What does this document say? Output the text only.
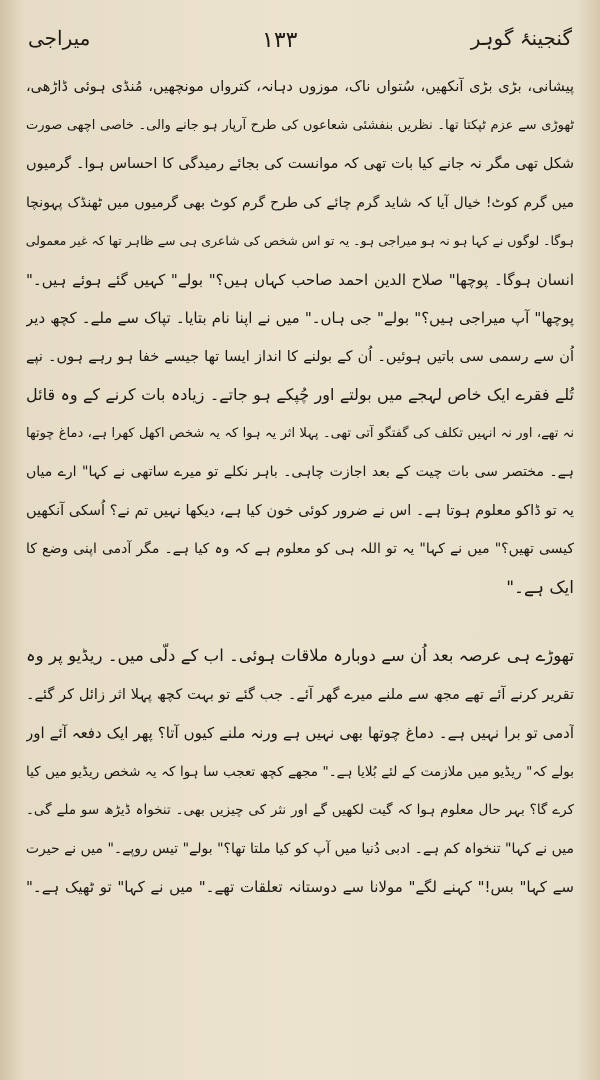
میراجی	۱۳۳	گنجینۂ گوہر
پیشانی، بڑی بڑی آنکھیں، سُتواں ناک، موزوں دہانہ، کترواں مونچھیں، مُنڈی ہوئی ڈاڑھی،
ٹھوڑی سے عزم ٹپکتا تھا۔ نظریں بنفشئی شعاعوں کی طرح آرپار ہو جانے والی۔ خاصی اچھی صورت
شکل تھی مگر نہ جانے کیا بات تھی کہ موانست کی بجائے رمیدگی کا احساس ہوا۔ گرمیوں
میں گرم کوٹ! خیال آیا کہ شاید گرم چائے کی طرح گرم کوٹ بھی گرمیوں میں ٹھنڈک پہونچا
ہوگا۔ لوگوں نے کہا ہو نہ ہو میراجی ہو۔ یہ تو اس شخص کی شاعری ہی سے ظاہر تھا کہ غیر معمولی
انسان ہوگا۔ پوچھا" صلاح الدین احمد صاحب کہاں ہیں؟" بولے" کہیں گئے ہوئے ہیں۔"
پوچھا" آپ میراجی ہیں؟" بولے" جی ہاں۔" میں نے اپنا نام بتایا۔ تپاک سے ملے۔ کچھ دیر
اُن سے رسمی سی باتیں ہوئیں۔ اُن کے بولنے کا انداز ایسا تھا جیسے خفا ہو رہے ہوں۔ نپے
تُلے فقرے ایک خاص لہجے میں بولتے اور چُپکے ہو جاتے۔ زیادہ بات کرنے کے وہ قائل
نہ تھے، اور نہ انہیں تکلف کی گفتگو آتی تھی۔ پہلا اثر یہ ہوا کہ یہ شخص اکھل کھرا ہے، دماغ چوتھا
ہے۔ مختصر سی بات چیت کے بعد اجازت چاہی۔ باہر نکلے تو میرے ساتھی نے کہا" ارے میاں
یہ تو ڈاکو معلوم ہوتا ہے۔ اس نے ضرور کوئی خون کیا ہے، دیکھا نہیں تم نے؟ اُسکی آنکھیں
کیسی تھیں؟" میں نے کہا" یہ تو اللہ ہی کو معلوم ہے کہ وہ کیا ہے۔ مگر آدمی اپنی وضع کا
ایک ہے۔"
تھوڑے ہی عرصہ بعد اُن سے دوبارہ ملاقات ہوئی۔ اب کے دلّی میں۔ ریڈیو پر وہ
تقریر کرنے آئے تھے مجھ سے ملنے میرے گھر آئے۔ جب گئے تو بہت کچھ پہلا اثر زائل کر گئے۔
آدمی تو برا نہیں ہے۔ دماغ چوتھا بھی نہیں ہے ورنہ ملنے کیوں آتا؟ پھر ایک دفعہ آئے اور
بولے کہ" ریڈیو میں ملازمت کے لئے بُلایا ہے۔" مجھے کچھ تعجب سا ہوا کہ یہ شخص ریڈیو میں کیا
کرے گا؟ بہر حال معلوم ہوا کہ گیت لکھیں گے اور نثر کی چیزیں بھی۔ تنخواہ ڈیڑھ سو ملے گی۔
میں نے کہا" تنخواہ کم ہے۔ ادبی دُنیا میں آپ کو کیا ملتا تھا؟" بولے" تیس روپے۔" میں نے حیرت
سے کہا" بس!" کہنے لگے" مولانا سے دوستانہ تعلقات تھے۔" میں نے کہا" تو ٹھیک ہے۔"
